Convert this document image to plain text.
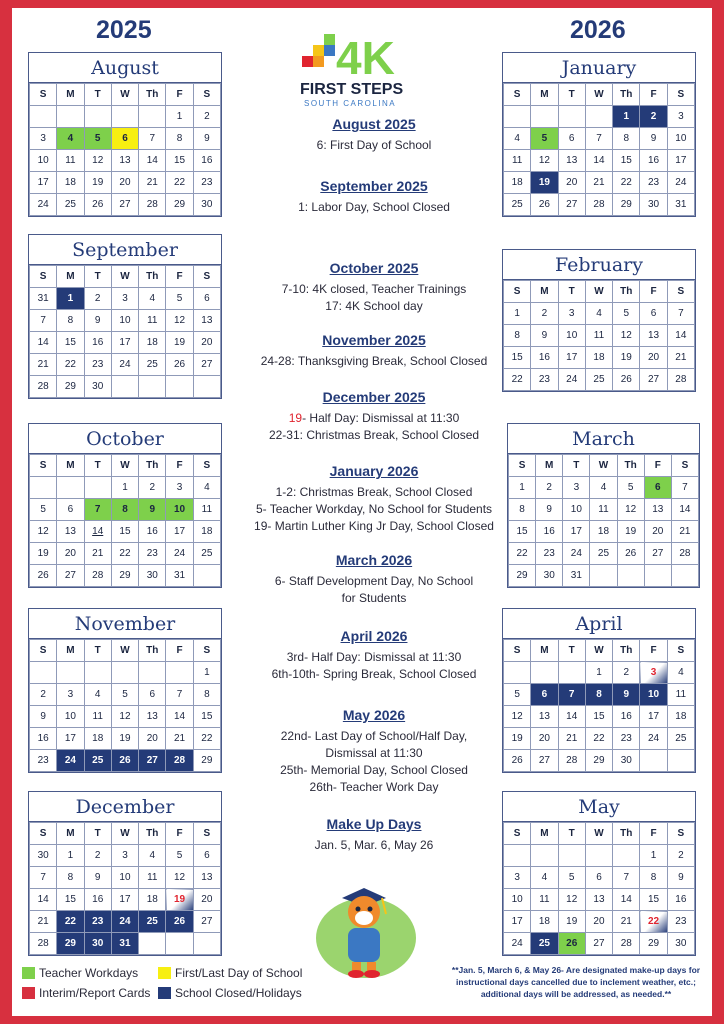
2025	2026
4K
FIRST STEPS
SOUTH CAROLINA
August
S	M	T	W	Th	F	S
					1	2
3	4	5	6	7	8	9
10	11	12	13	14	15	16
17	18	19	20	21	22	23
24	25	26	27	28	29	30
September
S	M	T	W	Th	F	S
31	1	2	3	4	5	6
7	8	9	10	11	12	13
14	15	16	17	18	19	20
21	22	23	24	25	26	27
28	29	30				
October
S	M	T	W	Th	F	S
			1	2	3	4
5	6	7	8	9	10	11
12	13	14	15	16	17	18
19	20	21	22	23	24	25
26	27	28	29	30	31	
November
S	M	T	W	Th	F	S
						1
2	3	4	5	6	7	8
9	10	11	12	13	14	15
16	17	18	19	20	21	22
23	24	25	26	27	28	29
December
S	M	T	W	Th	F	S
30	1	2	3	4	5	6
7	8	9	10	11	12	13
14	15	16	17	18	19	20
21	22	23	24	25	26	27
28	29	30	31			
January
S	M	T	W	Th	F	S
				1	2	3
4	5	6	7	8	9	10
11	12	13	14	15	16	17
18	19	20	21	22	23	24
25	26	27	28	29	30	31
February
S	M	T	W	Th	F	S
1	2	3	4	5	6	7
8	9	10	11	12	13	14
15	16	17	18	19	20	21
22	23	24	25	26	27	28
March
S	M	T	W	Th	F	S
1	2	3	4	5	6	7
8	9	10	11	12	13	14
15	16	17	18	19	20	21
22	23	24	25	26	27	28
29	30	31				
April
S	M	T	W	Th	F	S
			1	2	3	4
5	6	7	8	9	10	11
12	13	14	15	16	17	18
19	20	21	22	23	24	25
26	27	28	29	30		
May
S	M	T	W	Th	F	S
					1	2
3	4	5	6	7	8	9
10	11	12	13	14	15	16
17	18	19	20	21	22	23
24	25	26	27	28	29	30
August 2025
6: First Day of School
September 2025
1: Labor Day, School Closed
October 2025
7-10: 4K closed, Teacher Trainings
17: 4K School day
November 2025
24-28: Thanksgiving Break, School Closed
December 2025
19- Half Day: Dismissal at 11:30
22-31: Christmas Break, School Closed
January 2026
1-2: Christmas Break, School Closed
5- Teacher Workday, No School for Students
19- Martin Luther King Jr Day, School Closed
March 2026
6- Staff Development Day, No School
for Students
April 2026
3rd- Half Day: Dismissal at 11:30
6th-10th- Spring Break, School Closed
May 2026
22nd- Last Day of School/Half Day,
Dismissal at 11:30
25th- Memorial Day, School Closed
26th- Teacher Work Day
Make Up Days
Jan. 5, Mar. 6, May 26
Teacher Workdays	First/Last Day of School
Interim/Report Cards School Closed/Holidays
**Jan. 5, March 6, & May 26- Are designated make-up days for instructional days cancelled due to inclement weather, etc.; additional days will be addressed, as needed.**
